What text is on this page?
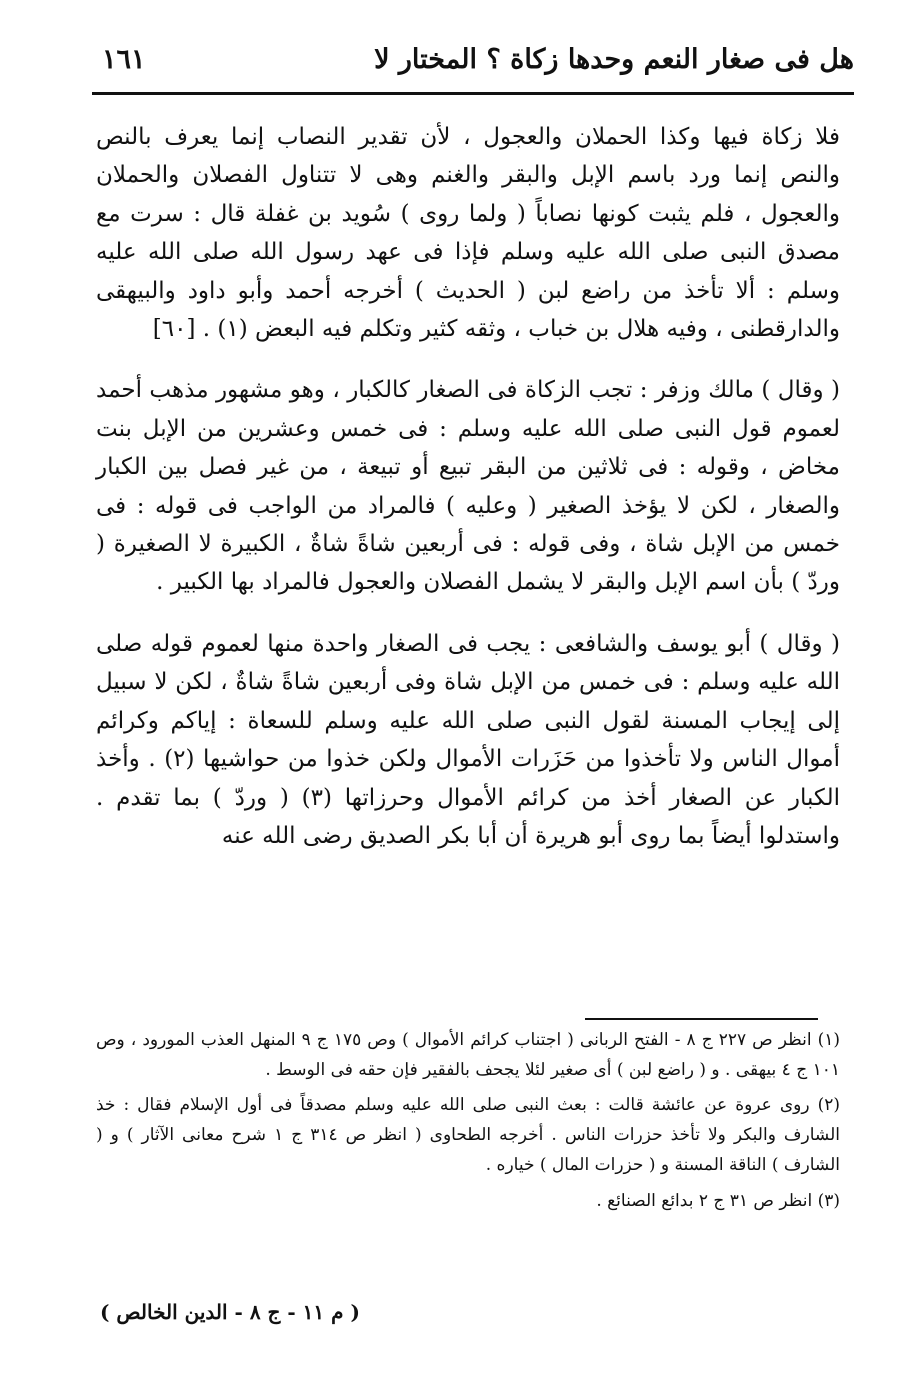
هل فى صغار النعم وحدها زكاة ؟ المختار لا
١٦١

فلا زكاة فيها وكذا الحملان والعجول ، لأن تقدير النصاب إنما يعرف بالنص والنص إنما ورد باسم الإبل والبقر والغنم وهى لا تتناول الفصلان والحملان والعجول ، فلم يثبت كونها نصاباً ( ولما روى ) سُويد بن غفلة قال : سرت مع مصدق النبى صلى الله عليه وسلم فإذا فى عهد رسول الله صلى الله عليه وسلم : ألا تأخذ من راضع لبن ( الحديث ) أخرجه أحمد وأبو داود والبيهقى والدارقطنى ، وفيه هلال بن خباب ، وثقه كثير وتكلم فيه البعض (١) . [٦٠]

( وقال ) مالك وزفر : تجب الزكاة فى الصغار كالكبار ، وهو مشهور مذهب أحمد لعموم قول النبى صلى الله عليه وسلم : فى خمس وعشرين من الإبل بنت مخاض ، وقوله : فى ثلاثين من البقر تبيع أو تبيعة ، من غير فصل بين الكبار والصغار ، لكن لا يؤخذ الصغير ( وعليه ) فالمراد من الواجب فى قوله : فى خمس من الإبل شاة ، وفى قوله : فى أربعين شاةً شاةٌ ، الكبيرة لا الصغيرة ( وردّ ) بأن اسم الإبل والبقر لا يشمل الفصلان والعجول فالمراد بها الكبير .

( وقال ) أبو يوسف والشافعى : يجب فى الصغار واحدة منها لعموم قوله صلى الله عليه وسلم : فى خمس من الإبل شاة وفى أربعين شاةً شاةٌ ، لكن لا سبيل إلى إيجاب المسنة لقول النبى صلى الله عليه وسلم للسعاة : إياكم وكرائم أموال الناس ولا تأخذوا من حَزَرات الأموال ولكن خذوا من حواشيها (٢) . وأخذ الكبار عن الصغار أخذ من كرائم الأموال وحرزاتها (٣) ( وردّ ) بما تقدم . واستدلوا أيضاً بما روى أبو هريرة أن أبا بكر الصديق رضى الله عنه

(١) انظر ص ٢٢٧ ج ٨ - الفتح الربانى ( اجتناب كرائم الأموال ) وص ١٧٥ ج ٩ المنهل العذب المورود ، وص ١٠١ ج ٤ بيهقى . و ( راضع لبن ) أى صغير لئلا يجحف بالفقير فإن حقه فى الوسط .

(٢) روى عروة عن عائشة قالت : بعث النبى صلى الله عليه وسلم مصدقاً فى أول الإسلام فقال : خذ الشارف والبكر ولا تأخذ حزرات الناس . أخرجه الطحاوى ( انظر ص ٣١٤ ج ١ شرح معانى الآثار ) و ( الشارف ) الناقة المسنة و ( حزرات المال ) خياره .

(٣) انظر ص ٣١ ج ٢ بدائع الصنائع .

( م ١١ - ج ٨ - الدين الخالص )
